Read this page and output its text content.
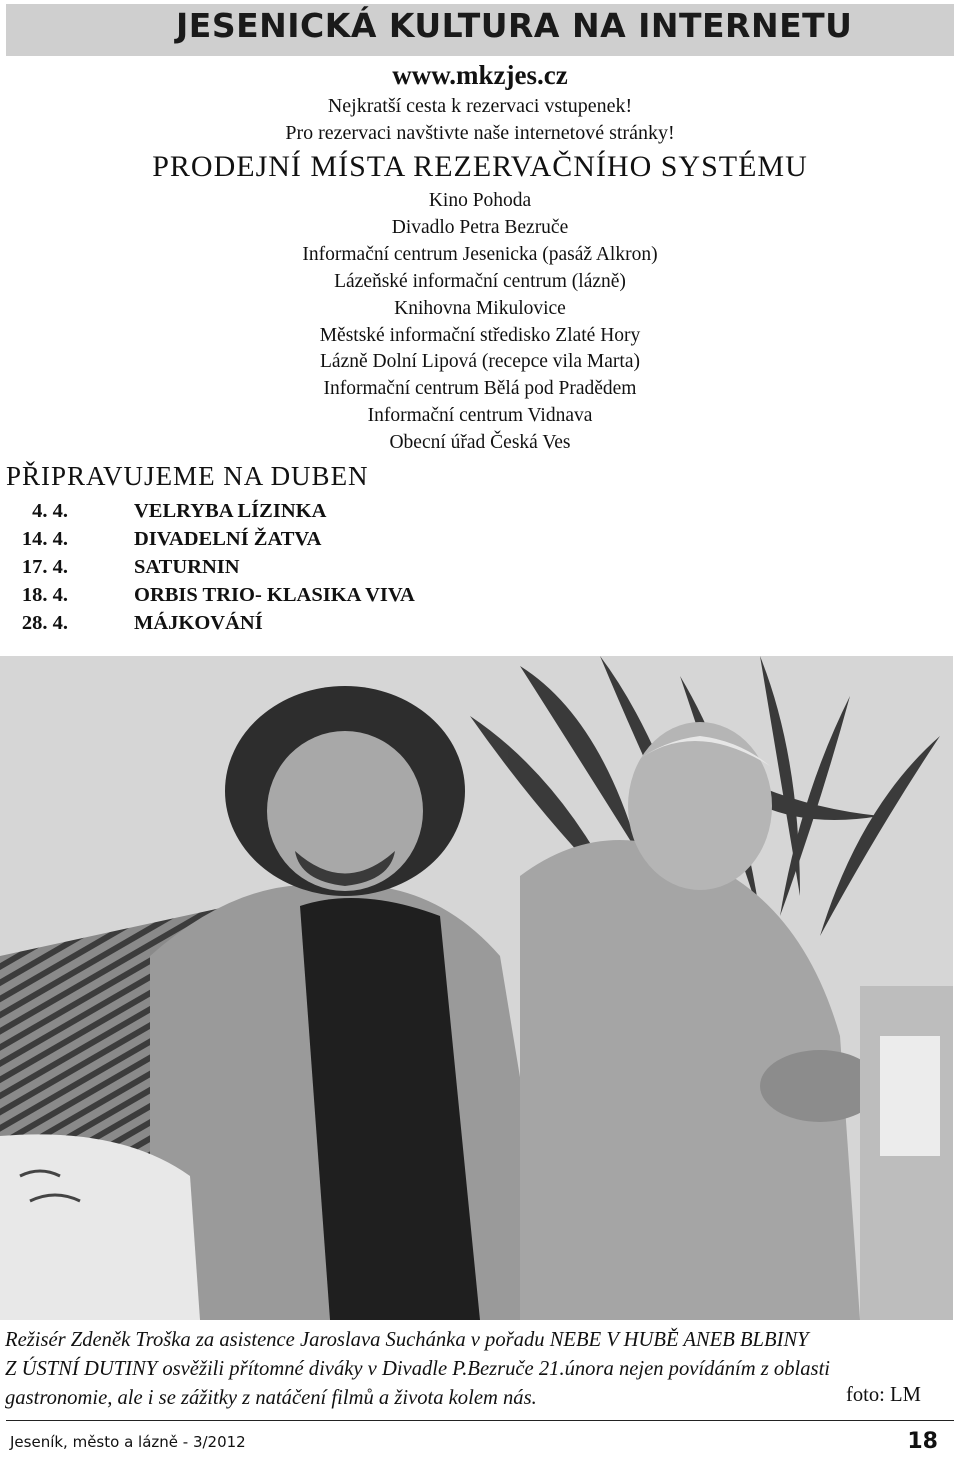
JESENICKÁ KULTURA NA INTERNETU
www.mkzjes.cz
Nejkratší cesta k rezervaci vstupenek!
Pro rezervaci navštivte naše internetové stránky!
PRODEJNÍ MÍSTA REZERVAČNÍHO SYSTÉMU
Kino Pohoda
Divadlo Petra Bezruče
Informační centrum Jesenicka (pasáž Alkron)
Lázeňské informační centrum (lázně)
Knihovna Mikulovice
Městské informační středisko Zlaté Hory
Lázně Dolní Lipová (recepce vila Marta)
Informační centrum Bělá pod Pradědem
Informační centrum Vidnava
Obecní úřad Česká Ves
PŘIPRAVUJEME NA DUBEN
4. 4.	VELRYBA LÍZINKA
14. 4.	DIVADELNÍ ŽATVA
17. 4.	SATURNIN
18. 4.	ORBIS TRIO- KLASIKA VIVA
28. 4.	MÁJKOVÁNÍ
Režisér Zdeněk Troška za asistence Jaroslava Suchánka v pořadu NEBE V HUBĚ ANEB BLBINY
Z ÚSTNÍ DUTINY osvěžili přítomné diváky v Divadle P.Bezruče 21.února nejen povídáním z oblasti
gastronomie, ale i se zážitky z natáčení filmů a života kolem nás.	foto: LM
Jeseník, město a lázně - 3/2012	18
